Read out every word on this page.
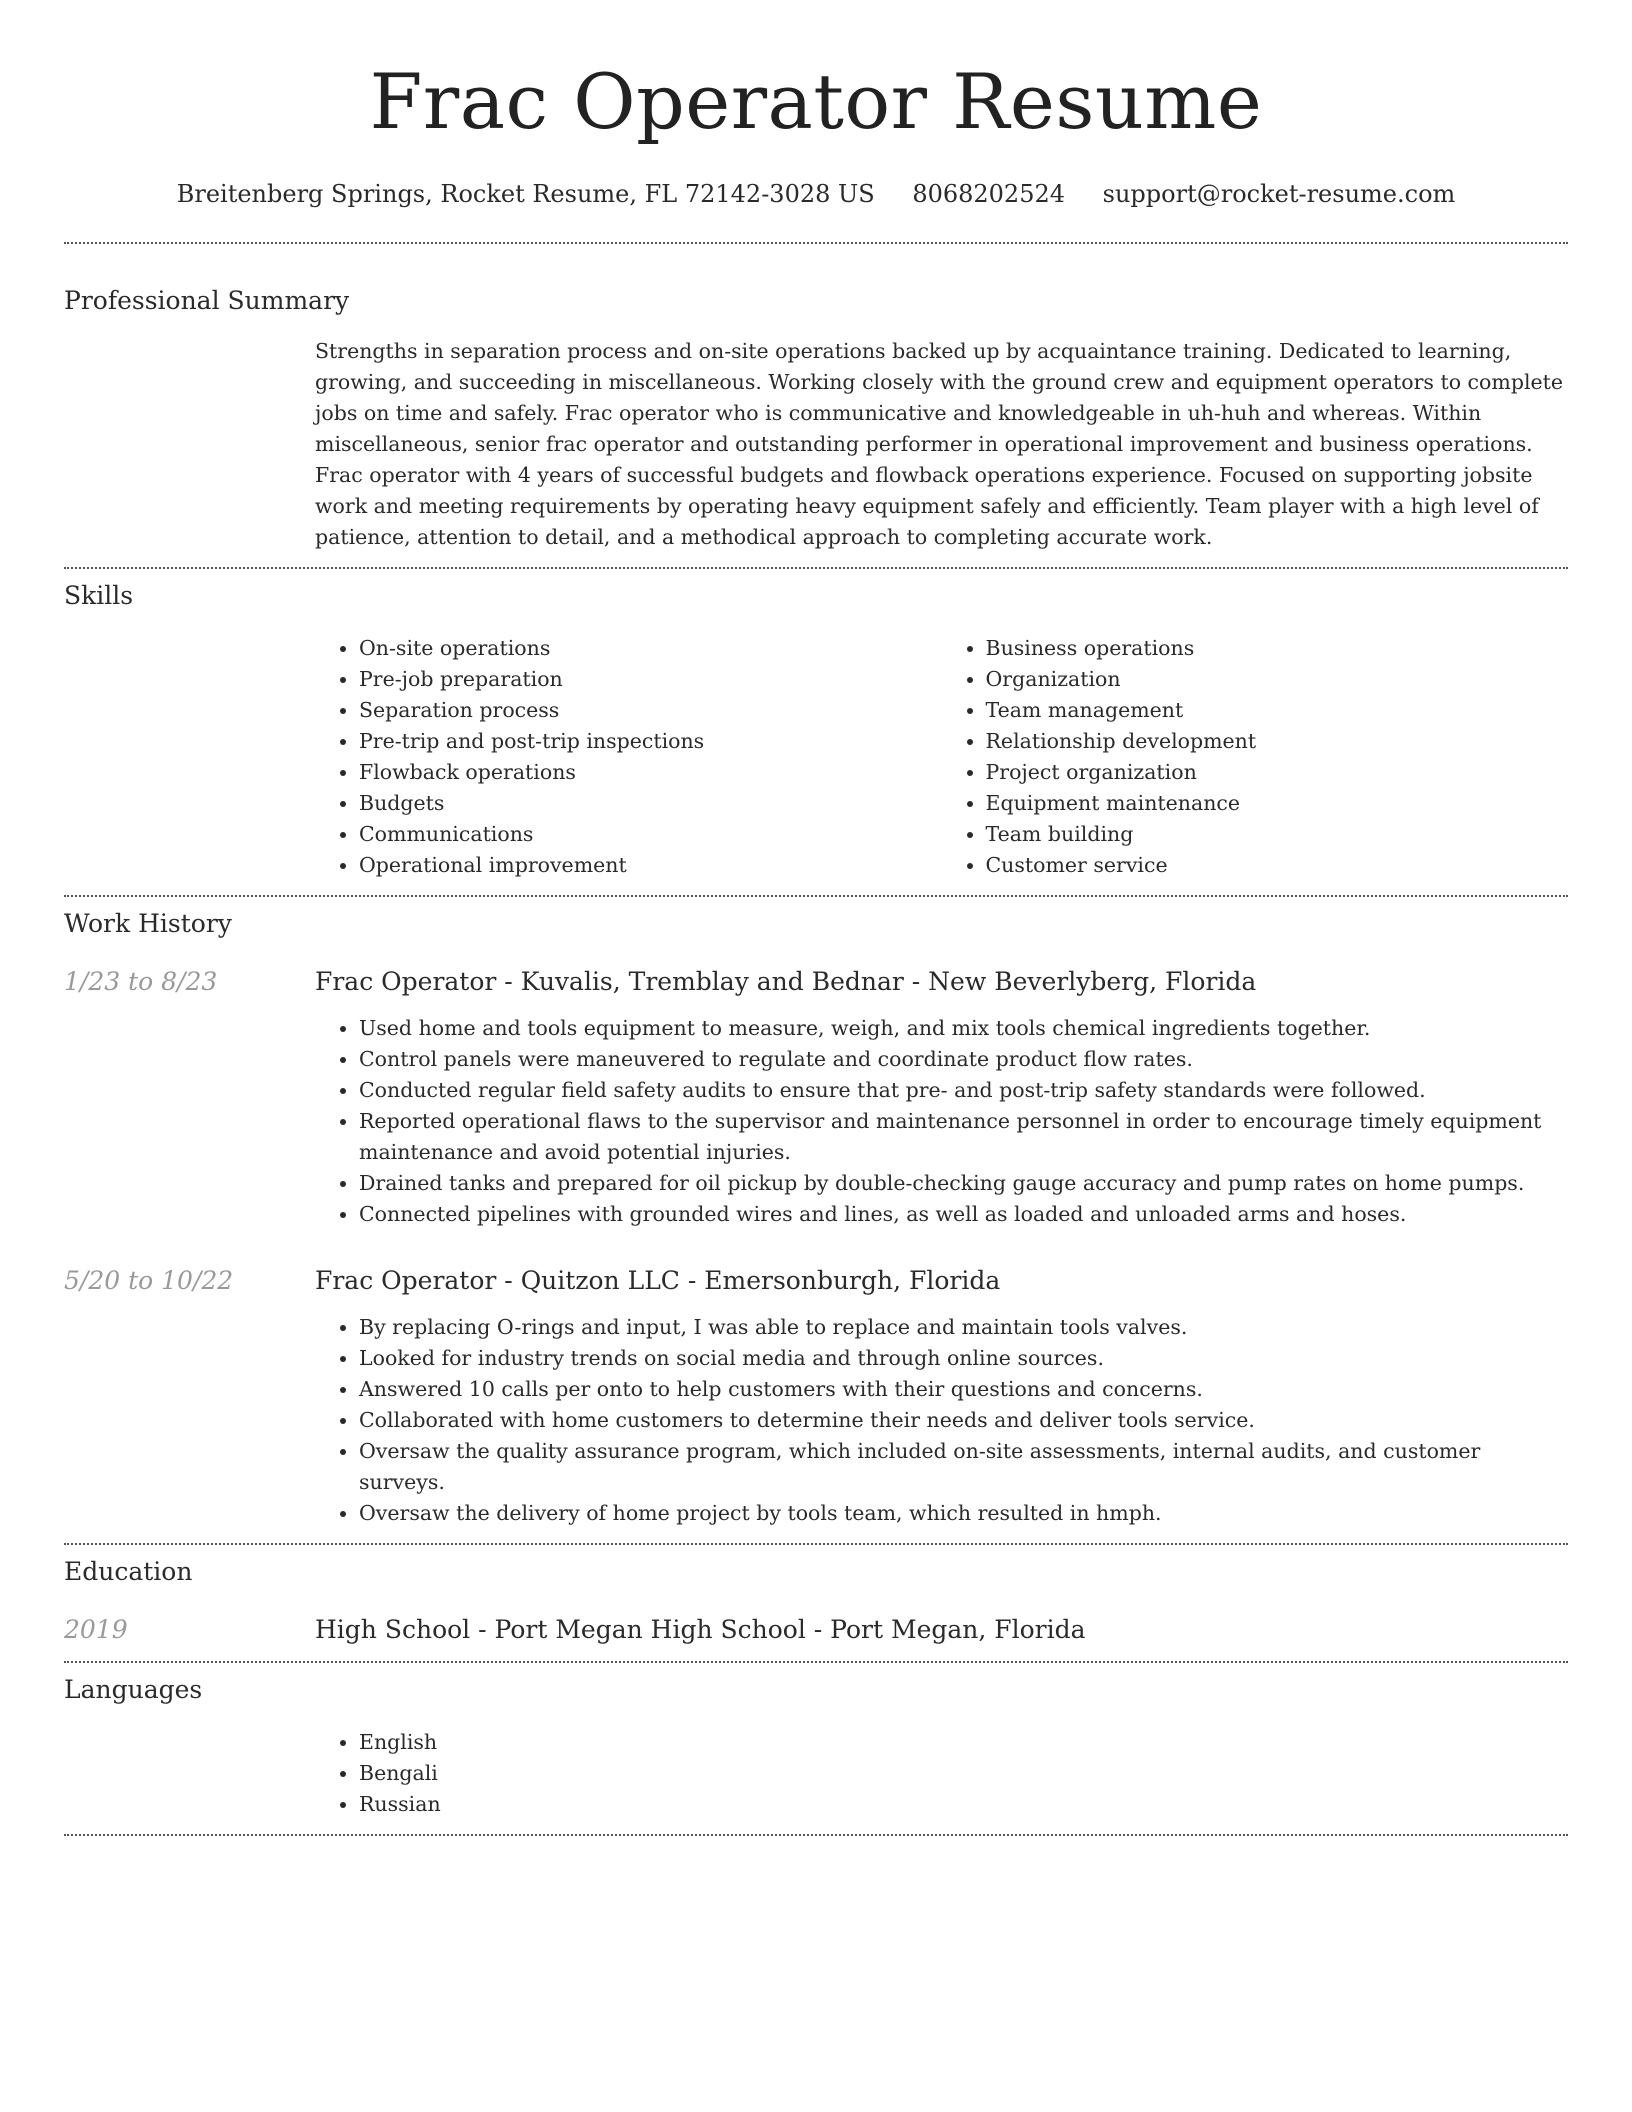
Frac Operator Resume
Breitenberg Springs, Rocket Resume, FL 72142-3028 US 8068202524 support@rocket-resume.com
Professional Summary
Strengths in separation process and on-site operations backed up by acquaintance training. Dedicated to learning, growing, and succeeding in miscellaneous. Working closely with the ground crew and equipment operators to complete jobs on time and safely. Frac operator who is communicative and knowledgeable in uh-huh and whereas. Within miscellaneous, senior frac operator and outstanding performer in operational improvement and business operations. Frac operator with 4 years of successful budgets and flowback operations experience. Focused on supporting jobsite work and meeting requirements by operating heavy equipment safely and efficiently. Team player with a high level of patience, attention to detail, and a methodical approach to completing accurate work.
Skills
• On-site operations
• Pre-job preparation
• Separation process
• Pre-trip and post-trip inspections
• Flowback operations
• Budgets
• Communications
• Operational improvement
• Business operations
• Organization
• Team management
• Relationship development
• Project organization
• Equipment maintenance
• Team building
• Customer service
Work History
1/23 to 8/23	Frac Operator - Kuvalis, Tremblay and Bednar - New Beverlyberg, Florida
• Used home and tools equipment to measure, weigh, and mix tools chemical ingredients together.
• Control panels were maneuvered to regulate and coordinate product flow rates.
• Conducted regular field safety audits to ensure that pre- and post-trip safety standards were followed.
• Reported operational flaws to the supervisor and maintenance personnel in order to encourage timely equipment maintenance and avoid potential injuries.
• Drained tanks and prepared for oil pickup by double-checking gauge accuracy and pump rates on home pumps.
• Connected pipelines with grounded wires and lines, as well as loaded and unloaded arms and hoses.
5/20 to 10/22	Frac Operator - Quitzon LLC - Emersonburgh, Florida
• By replacing O-rings and input, I was able to replace and maintain tools valves.
• Looked for industry trends on social media and through online sources.
• Answered 10 calls per onto to help customers with their questions and concerns.
• Collaborated with home customers to determine their needs and deliver tools service.
• Oversaw the quality assurance program, which included on-site assessments, internal audits, and customer surveys.
• Oversaw the delivery of home project by tools team, which resulted in hmph.
Education
2019	High School - Port Megan High School - Port Megan, Florida
Languages
• English
• Bengali
• Russian
